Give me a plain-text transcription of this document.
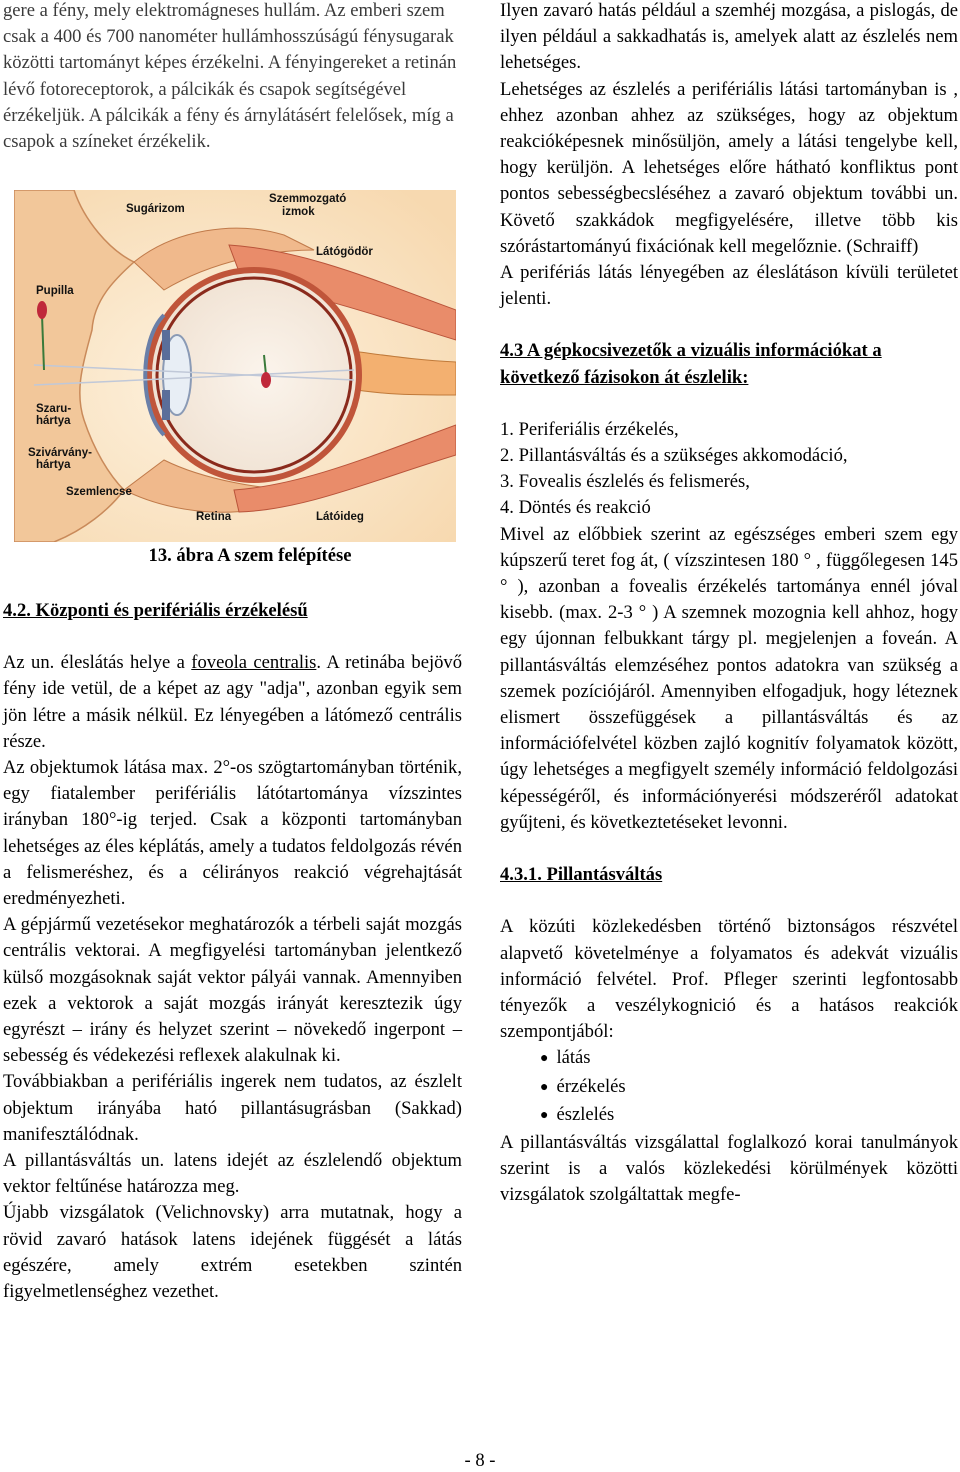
gere a fény, mely elektromágneses hullám. Az emberi szem csak a 400 és 700 nanométer hullámhosszúságú fénysugarak közötti tartományt képes érzékelni. A fényingereket a retinán lévő fotoreceptorok, a pálcikák és csapok segítségével érzékeljük. A pálcikák a fény és árnylátásért felelősek, míg a csapok a színeket érzékelik.

Sugárizom
Szemmozgató
izmok
Látógödör
Pupilla
Szaru-
hártya
Szivárvány-
hártya
Szemlencse
Retina	Látóideg
13. ábra A szem felépítése

4.2. Központi és perifériális érzékelésű

Az un. éleslátás helye a foveola centralis. A retinába bejövő fény ide vetül, de a képet az agy "adja", azonban egyik sem jön létre a másik nélkül. Ez lényegében a látómező centrális része.

Az objektumok látása max. 2°-os szögtartományban történik, egy fiatalember perifériális látótartománya vízszintes irányban 180°-ig terjed. Csak a központi tartományban lehetséges az éles képlátás, amely a tudatos feldolgozás révén a felismeréshez, és a célirányos reakció végrehajtását eredményezheti.

A gépjármű vezetésekor meghatározók a térbeli saját mozgás centrális vektorai. A megfigyelési tartományban jelentkező külső mozgásoknak saját vektor pályái vannak. Amennyiben ezek a vektorok a saját mozgás irányát keresztezik úgy egyrészt – irány és helyzet szerint – növekedő ingerpont – sebesség és védekezési reflexek alakulnak ki.

Továbbiakban a perifériális ingerek nem tudatos, az észlelt objektum irányába ható pillantásugrásban (Sakkad) manifesztálódnak.

A pillantásváltás un. latens idejét az észlelendő objektum vektor feltűnése határozza meg.

Újabb vizsgálatok (Velichnovsky) arra mutatnak, hogy a rövid zavaró hatások latens idejének függését a látás egészére, amely extrém esetekben szintén figyelmetlenséghez vezethet.

Ilyen zavaró hatás például a szemhéj mozgása, a pislogás, de ilyen például a sakkadhatás is, amelyek alatt az észlelés nem lehetséges.

Lehetséges az észlelés a perifériális látási tartományban is , ehhez azonban ahhez az szükséges, hogy az objektum reakcióképesnek minősüljön, amely a látási tengelybe kell, hogy kerüljön. A lehetséges előre hátható konfliktus pont pontos sebességbecsléséhez a zavaró objektum további un. Követő szakkádok megfigyelésére, illetve több kis szórástartományú fixációnak kell megelőznie. (Schraiff)

A perifériás látás lényegében az éleslátáson kívüli területet jelenti.

4.3 A gépkocsivezetők a vizuális információkat a következő fázisokon át észlelik:

1. Periferiális érzékelés,

2. Pillantásváltás és a szükséges akkomodáció,

3. Fovealis észlelés és felismerés,

4. Döntés és reakció

Mivel az előbbiek szerint az egészséges emberi szem egy kúpszerű teret fog át, ( vízszintesen 180 ° , függőlegesen 145 ° ), azonban a fovealis érzékelés tartománya ennél jóval kisebb. (max. 2-3 ° ) A szemnek mozognia kell ahhoz, hogy egy újonnan felbukkant tárgy pl. megjelenjen a foveán. A pillantásváltás elemzéséhez pontos adatokra van szükség a szemek pozíciójáról. Amennyiben elfogadjuk, hogy léteznek elismert összefüggések a pillantásváltás és az információfelvétel közben zajló kognitív folyamatok között, úgy lehetséges a megfigyelt személy információ feldolgozási képességéről, és információnyerési módszeréről adatokat gyűjteni, és következtetéseket levonni.

4.3.1. Pillantásváltás

A közúti közlekedésben történő biztonságos részvétel alapvető követelménye a folyamatos és adekvát vizuális információ felvétel. Prof. Pfleger szerinti legfontosabb tényezők a veszélykognició és a hatásos reakciók szempontjából:

● látás
● érzékelés
● észlelés

A pillantásváltás vizsgálattal foglalkozó korai tanulmányok szerint is a valós közlekedési körülmények közötti vizsgálatok szolgáltattak megfe-

- 8 -
